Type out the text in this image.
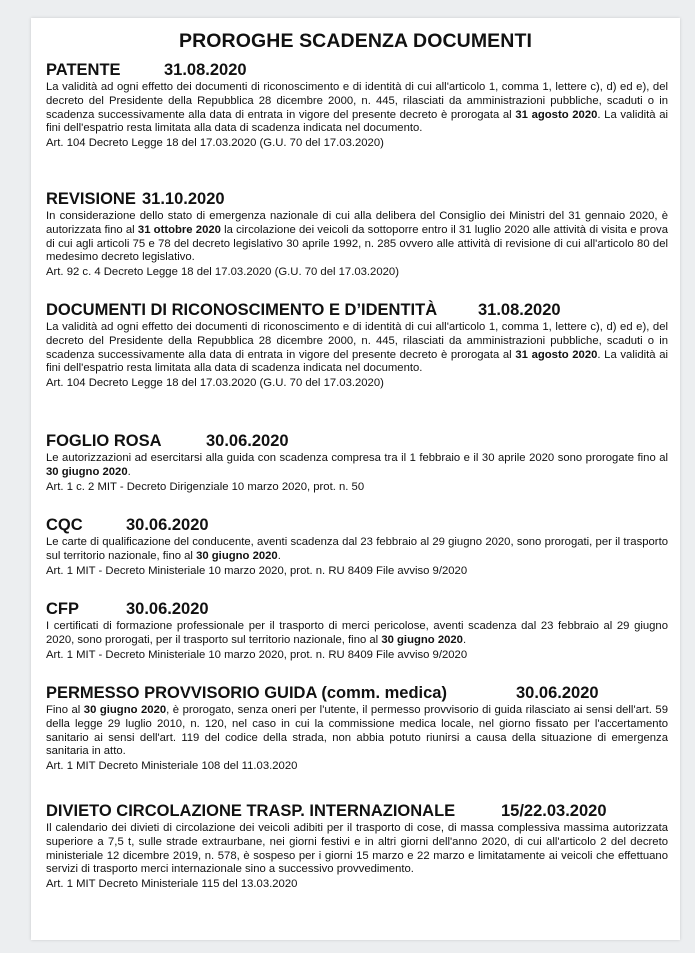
PROROGHE SCADENZA DOCUMENTI
PATENTE	31.08.2020
La validità ad ogni effetto dei documenti di riconoscimento e di identità di cui all'articolo 1, comma 1, lettere c), d) ed e), del decreto del Presidente della Repubblica 28 dicembre 2000, n. 445, rilasciati da amministrazioni pubbliche, scaduti o in scadenza successivamente alla data di entrata in vigore del presente decreto è prorogata al 31 agosto 2020. La validità ai fini dell'espatrio resta limitata alla data di scadenza indicata nel documento.
Art. 104 Decreto Legge 18 del 17.03.2020 (G.U. 70 del 17.03.2020)
REVISIONE 31.10.2020
In considerazione dello stato di emergenza nazionale di cui alla delibera del Consiglio dei Ministri del 31 gennaio 2020, è autorizzata fino al 31 ottobre 2020 la circolazione dei veicoli da sottoporre entro il 31 luglio 2020 alle attività di visita e prova di cui agli articoli 75 e 78 del decreto legislativo 30 aprile 1992, n. 285 ovvero alle attività di revisione di cui all'articolo 80 del medesimo decreto legislativo.
Art. 92 c. 4 Decreto Legge 18 del 17.03.2020 (G.U. 70 del 17.03.2020)
DOCUMENTI DI RICONOSCIMENTO E D’IDENTITÀ 31.08.2020
La validità ad ogni effetto dei documenti di riconoscimento e di identità di cui all'articolo 1, comma 1, lettere c), d) ed e), del decreto del Presidente della Repubblica 28 dicembre 2000, n. 445, rilasciati da amministrazioni pubbliche, scaduti o in scadenza successivamente alla data di entrata in vigore del presente decreto è prorogata al 31 agosto 2020. La validità ai fini dell'espatrio resta limitata alla data di scadenza indicata nel documento.
Art. 104 Decreto Legge 18 del 17.03.2020 (G.U. 70 del 17.03.2020)
FOGLIO ROSA	30.06.2020
Le autorizzazioni ad esercitarsi alla guida con scadenza compresa tra il 1 febbraio e il 30 aprile 2020 sono prorogate fino al 30 giugno 2020.
Art. 1 c. 2 MIT - Decreto Dirigenziale 10 marzo 2020, prot. n. 50
CQC	30.06.2020
Le carte di qualificazione del conducente, aventi scadenza dal 23 febbraio al 29 giugno 2020, sono prorogati, per il trasporto sul territorio nazionale, fino al 30 giugno 2020.
Art. 1 MIT - Decreto Ministeriale 10 marzo 2020, prot. n. RU 8409 File avviso 9/2020
CFP	30.06.2020
I certificati di formazione professionale per il trasporto di merci pericolose, aventi scadenza dal 23 febbraio al 29 giugno 2020, sono prorogati, per il trasporto sul territorio nazionale, fino al 30 giugno 2020.
Art. 1 MIT - Decreto Ministeriale 10 marzo 2020, prot. n. RU 8409 File avviso 9/2020
PERMESSO PROVVISORIO GUIDA (comm. medica)	30.06.2020
Fino al 30 giugno 2020, è prorogato, senza oneri per l'utente, il permesso provvisorio di guida rilasciato ai sensi dell'art. 59 della legge 29 luglio 2010, n. 120, nel caso in cui la commissione medica locale, nel giorno fissato per l'accertamento sanitario ai sensi dell'art. 119 del codice della strada, non abbia potuto riunirsi a causa della situazione di emergenza sanitaria in atto.
Art. 1 MIT Decreto Ministeriale 108 del 11.03.2020
DIVIETO CIRCOLAZIONE TRASP. INTERNAZIONALE	15/22.03.2020
Il calendario dei divieti di circolazione dei veicoli adibiti per il trasporto di cose, di massa complessiva massima autorizzata superiore a 7,5 t, sulle strade extraurbane, nei giorni festivi e in altri giorni dell'anno 2020, di cui all'articolo 2 del decreto ministeriale 12 dicembre 2019, n. 578, è sospeso per i giorni 15 marzo e 22 marzo e limitatamente ai veicoli che effettuano servizi di trasporto merci internazionale sino a successivo provvedimento.
Art. 1 MIT Decreto Ministeriale 115 del 13.03.2020
